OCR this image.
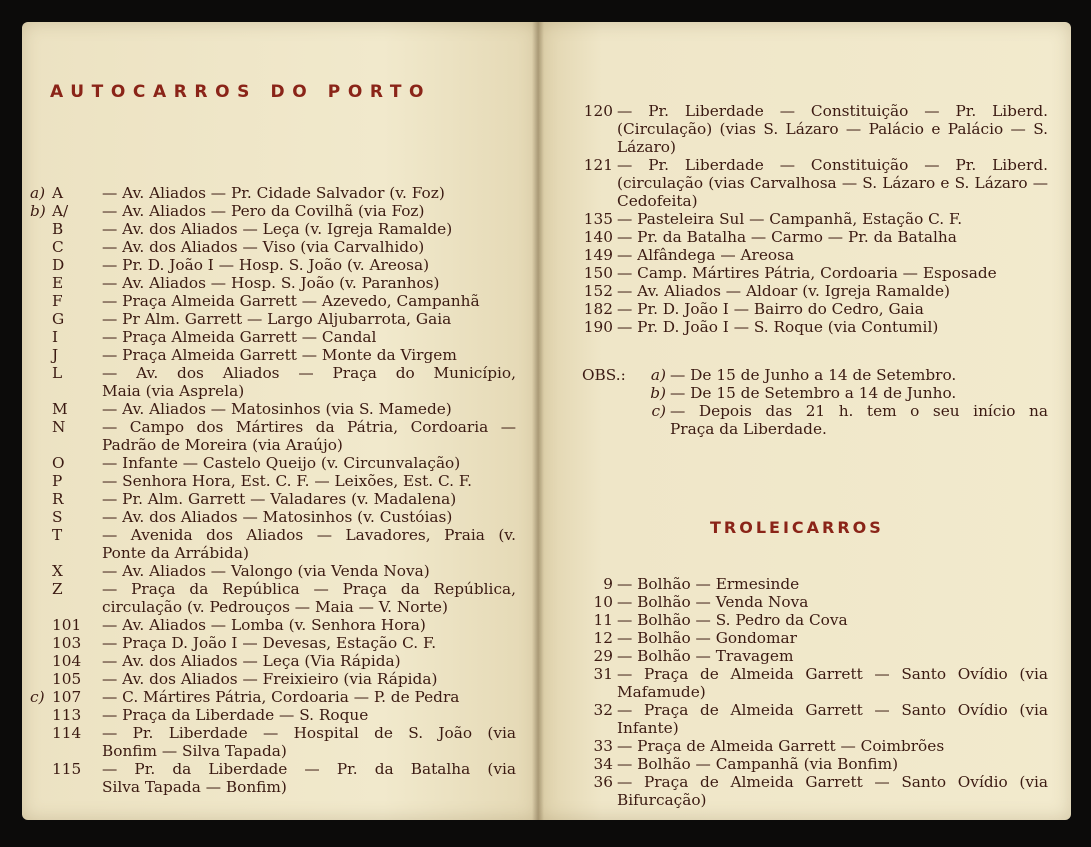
AUTOCARROS DO PORTO
a) A	— Av. Aliados — Pr. Cidade Salvador (v. Foz)
b) A/	— Av. Aliados — Pero da Covilhã (via Foz)
B	— Av. dos Aliados — Leça (v. Igreja Ramalde)
C	— Av. dos Aliados — Viso (via Carvalhido)
D	— Pr. D. João I — Hosp. S. João (v. Areosa)
E	— Av. Aliados — Hosp. S. João (v. Paranhos)
F	— Praça Almeida Garrett — Azevedo, Campanhã
G	— Pr Alm. Garrett — Largo Aljubarrota, Gaia
I	— Praça Almeida Garrett — Candal
J	— Praça Almeida Garrett — Monte da Virgem
L	— Av. dos Aliados — Praça do Município,
Maia (via Asprela)
M	— Av. Aliados — Matosinhos (via S. Mamede)
N	— Campo dos Mártires da Pátria, Cordoaria —
Padrão de Moreira (via Araújo)
O	— Infante — Castelo Queijo (v. Circunvalação)
P	— Senhora Hora, Est. C. F. — Leixões, Est. C. F.
R	— Pr. Alm. Garrett — Valadares (v. Madalena)
S	— Av. dos Aliados — Matosinhos (v. Custóias)
T	— Avenida dos Aliados — Lavadores, Praia (v.
Ponte da Arrábida)
X	— Av. Aliados — Valongo (via Venda Nova)
Z	— Praça da República — Praça da República,
circulação (v. Pedrouços — Maia — V. Norte)
101	— Av. Aliados — Lomba (v. Senhora Hora)
103	— Praça D. João I — Devesas, Estação C. F.
104	— Av. dos Aliados — Leça (Via Rápida)
105	— Av. dos Aliados — Freixieiro (via Rápida)
c) 107	— C. Mártires Pátria, Cordoaria — P. de Pedra
113	— Praça da Liberdade — S. Roque
114	— Pr. Liberdade — Hospital de S. João (via
Bonfim — Silva Tapada)
115	— Pr. da Liberdade — Pr. da Batalha (via
Silva Tapada — Bonfim)
120 — Pr. Liberdade — Constituição — Pr. Liberd.
(Circulação) (vias S. Lázaro — Palácio e Palácio — S. Lázaro)
121 — Pr. Liberdade — Constituição — Pr. Liberd.
(circulação (vias Carvalhosa — S. Lázaro e S. Lázaro — Cedofeita)
135 — Pasteleira Sul — Campanhã, Estação C. F.
140 — Pr. da Batalha — Carmo — Pr. da Batalha
149 — Alfândega — Areosa
150 — Camp. Mártires Pátria, Cordoaria — Esposade
152 — Av. Aliados — Aldoar (v. Igreja Ramalde)
182 — Pr. D. João I — Bairro do Cedro, Gaia
190 — Pr. D. João I — S. Roque (via Contumil)
OBS.:	a) — De 15 de Junho a 14 de Setembro.
b) — De 15 de Setembro a 14 de Junho.
c) — Depois das 21 h. tem o seu início na
Praça da Liberdade.
TROLEICARROS
9 — Bolhão — Ermesinde
10 — Bolhão — Venda Nova
11 — Bolhão — S. Pedro da Cova
12 — Bolhão — Gondomar
29 — Bolhão — Travagem
31 — Praça de Almeida Garrett — Santo Ovídio (via
Mafamude)
32 — Praça de Almeida Garrett — Santo Ovídio (via
Infante)
33 — Praça de Almeida Garrett — Coimbrões
34 — Bolhão — Campanhã (via Bonfim)
36 — Praça de Almeida Garrett — Santo Ovídio (via
Bifurcação)
